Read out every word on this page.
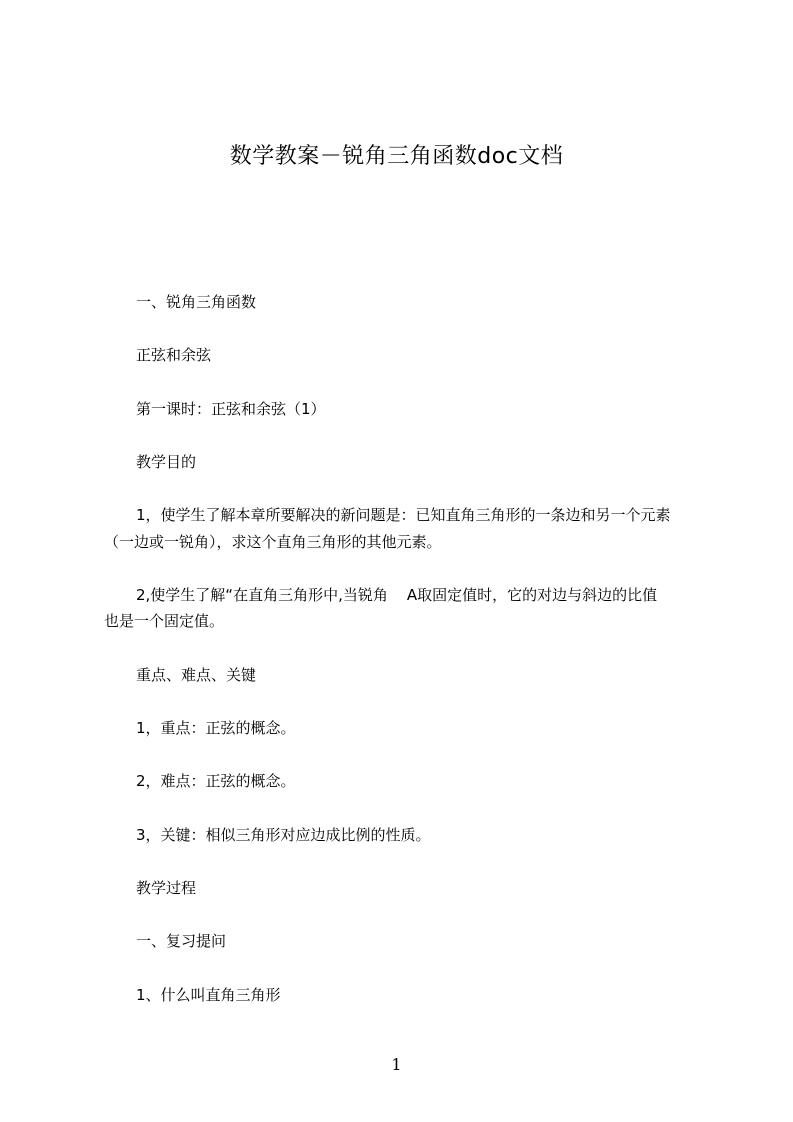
数学教案－锐角三角函数doc文档
一、锐角三角函数
正弦和余弦
第一课时：正弦和余弦（1）
教学目的
1，使学生了解本章所要解决的新问题是：已知直角三角形的一条边和另一个元素
（一边或一锐角），求这个直角三角形的其他元素。
2,使学生了解“在直角三角形中,当锐角    A取固定值时，它的对边与斜边的比值
也是一个固定值。
重点、难点、关键
1，重点：正弦的概念。
2，难点：正弦的概念。
3，关键：相似三角形对应边成比例的性质。
教学过程
一、复习提问
1、什么叫直角三角形
1
